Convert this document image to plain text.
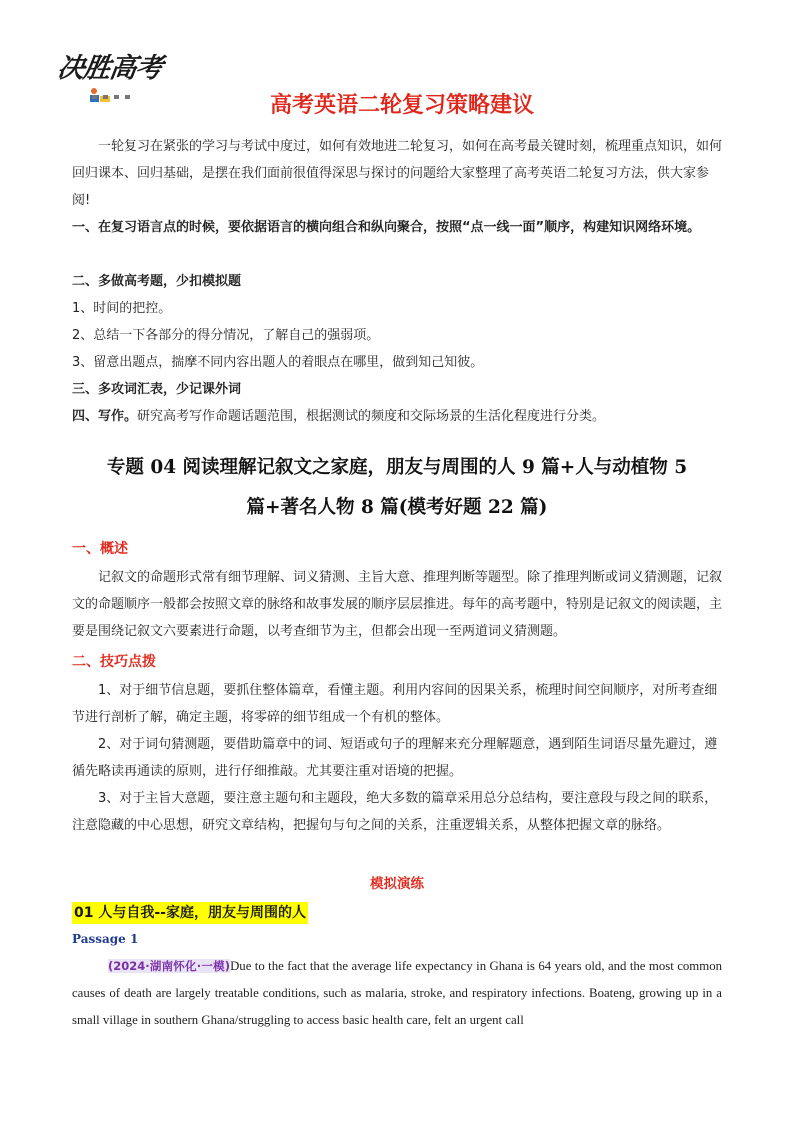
决胜高考
高考英语二轮复习策略建议
一轮复习在紧张的学习与考试中度过，如何有效地进二轮复习，如何在高考最关键时刻，梳理重点知识，如何回归课本、回归基础，是摆在我们面前很值得深思与探讨的问题给大家整理了高考英语二轮复习方法，供大家参阅!
一、在复习语言点的时候，要依据语言的横向组合和纵向聚合，按照“点一线一面”顺序，构建知识网络环境。
二、多做高考题，少扣模拟题
1、时间的把控。
2、总结一下各部分的得分情况，了解自己的强弱项。
3、留意出题点，揣摩不同内容出题人的着眼点在哪里，做到知己知彼。
三、多攻词汇表，少记课外词
四、写作。研究高考写作命题话题范围，根据测试的频度和交际场景的生活化程度进行分类。
专题 04 阅读理解记叙文之家庭，朋友与周围的人 9 篇+人与动植物 5
篇+著名人物 8 篇(模考好题 22 篇)
一、概述
记叙文的命题形式常有细节理解、词义猜测、主旨大意、推理判断等题型。除了推理判断或词义猜测题，记叙文的命题顺序一般都会按照文章的脉络和故事发展的顺序层层推进。每年的高考题中，特别是记叙文的阅读题，主要是围绕记叙文六要素进行命题，以考查细节为主，但都会出现一至两道词义猜测题。
二、技巧点拨
1、对于细节信息题，要抓住整体篇章，看懂主题。利用内容间的因果关系，梳理时间空间顺序，对所考查细节进行剖析了解，确定主题，将零碎的细节组成一个有机的整体。
2、对于词句猜测题，要借助篇章中的词、短语或句子的理解来充分理解题意，遇到陌生词语尽量先避过，遵循先略读再通读的原则，进行仔细推敲。尤其要注重对语境的把握。
3、对于主旨大意题，要注意主题句和主题段，绝大多数的篇章采用总分总结构，要注意段与段之间的联系，注意隐藏的中心思想，研究文章结构，把握句与句之间的关系，注重逻辑关系，从整体把握文章的脉络。
模拟演练
01 人与自我--家庭，朋友与周围的人
Passage 1
(2024·湖南怀化·一模)Due to the fact that the average life expectancy in Ghana is 64 years old, and the most common causes of death are largely treatable conditions, such as malaria, stroke, and respiratory infections. Boateng, growing up in a small village in southern Ghana/struggling to access basic health care, felt an urgent call
